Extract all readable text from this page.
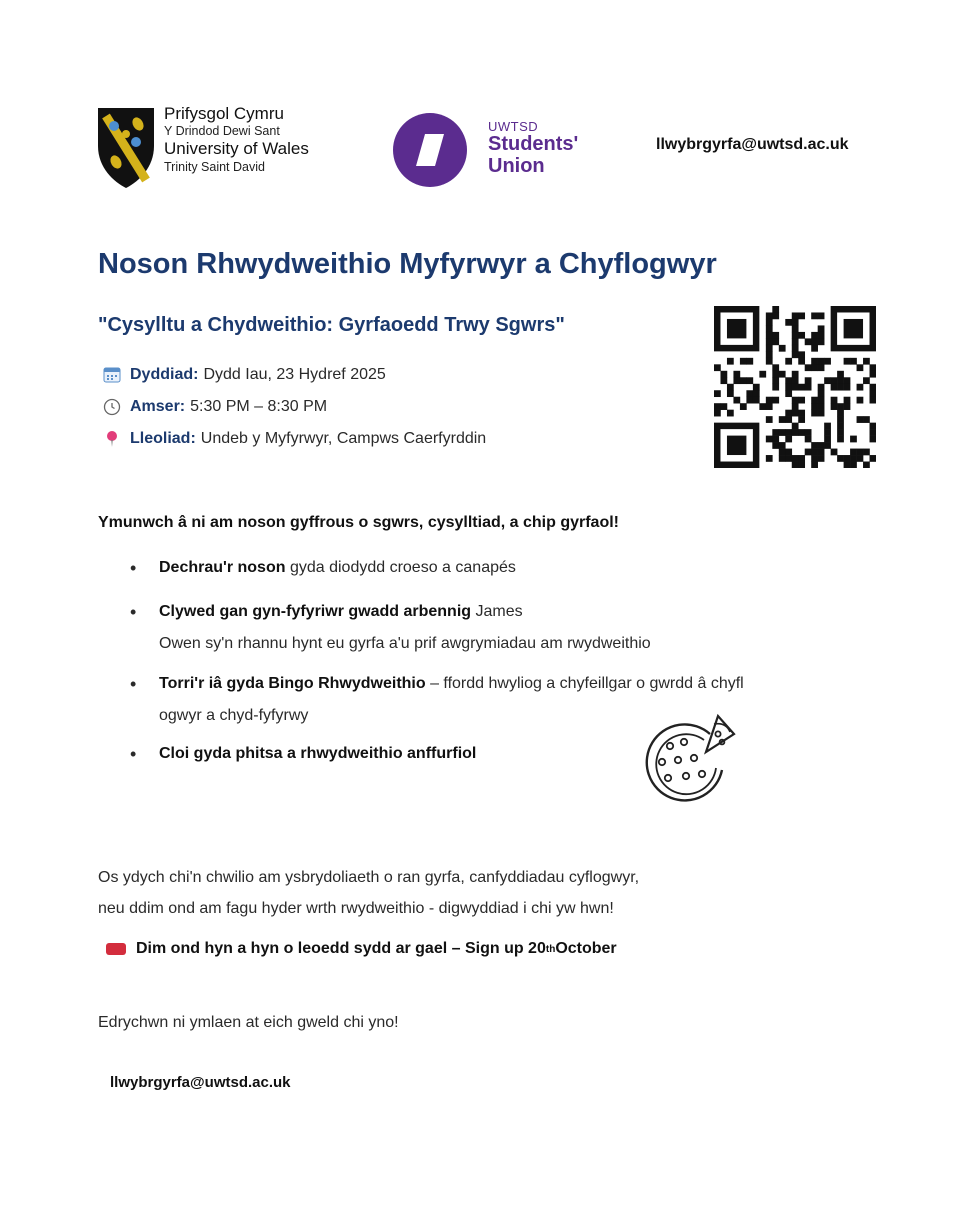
Prifysgol Cymru
Y Drindod Dewi Sant
University of Wales
Trinity Saint David
UWTSD
Students'
Union
llwybrgyrfa@uwtsd.ac.uk
Noson Rhwydweithio Myfyrwyr a Chyflogwyr
"Cysylltu a Chydweithio: Gyrfaoedd Trwy Sgwrs"
Dyddiad: Dydd Iau, 23 Hydref 2025
Amser: 5:30 PM – 8:30 PM
Lleoliad: Undeb y Myfyrwyr, Campws Caerfyrddin
Ymunwch â ni am noson gyffrous o sgwrs, cysylltiad, a chip gyrfaol!
• Dechrau'r noson gyda diodydd croeso a canapés
• Clywed gan gyn-fyfyriwr gwadd arbennig James
Owen sy'n rhannu hynt eu gyrfa a'u prif awgrymiadau am rwydweithio
• Torri'r iâ gyda Bingo Rhwydweithio – ffordd hwyliog a chyfeillgar o gwrdd â chyfl
ogwyr a chyd-fyfyrwy
• Cloi gyda phitsa a rhwydweithio anffurfiol
Os ydych chi'n chwilio am ysbrydoliaeth o ran gyrfa, canfyddiadau cyflogwyr,
neu ddim ond am fagu hyder wrth rwydweithio - digwyddiad i chi yw hwn!
Dim ond hyn a hyn o leoedd sydd ar gael – Sign up 20 th October
Edrychwn ni ymlaen at eich gweld chi yno!
llwybrgyrfa@uwtsd.ac.uk
